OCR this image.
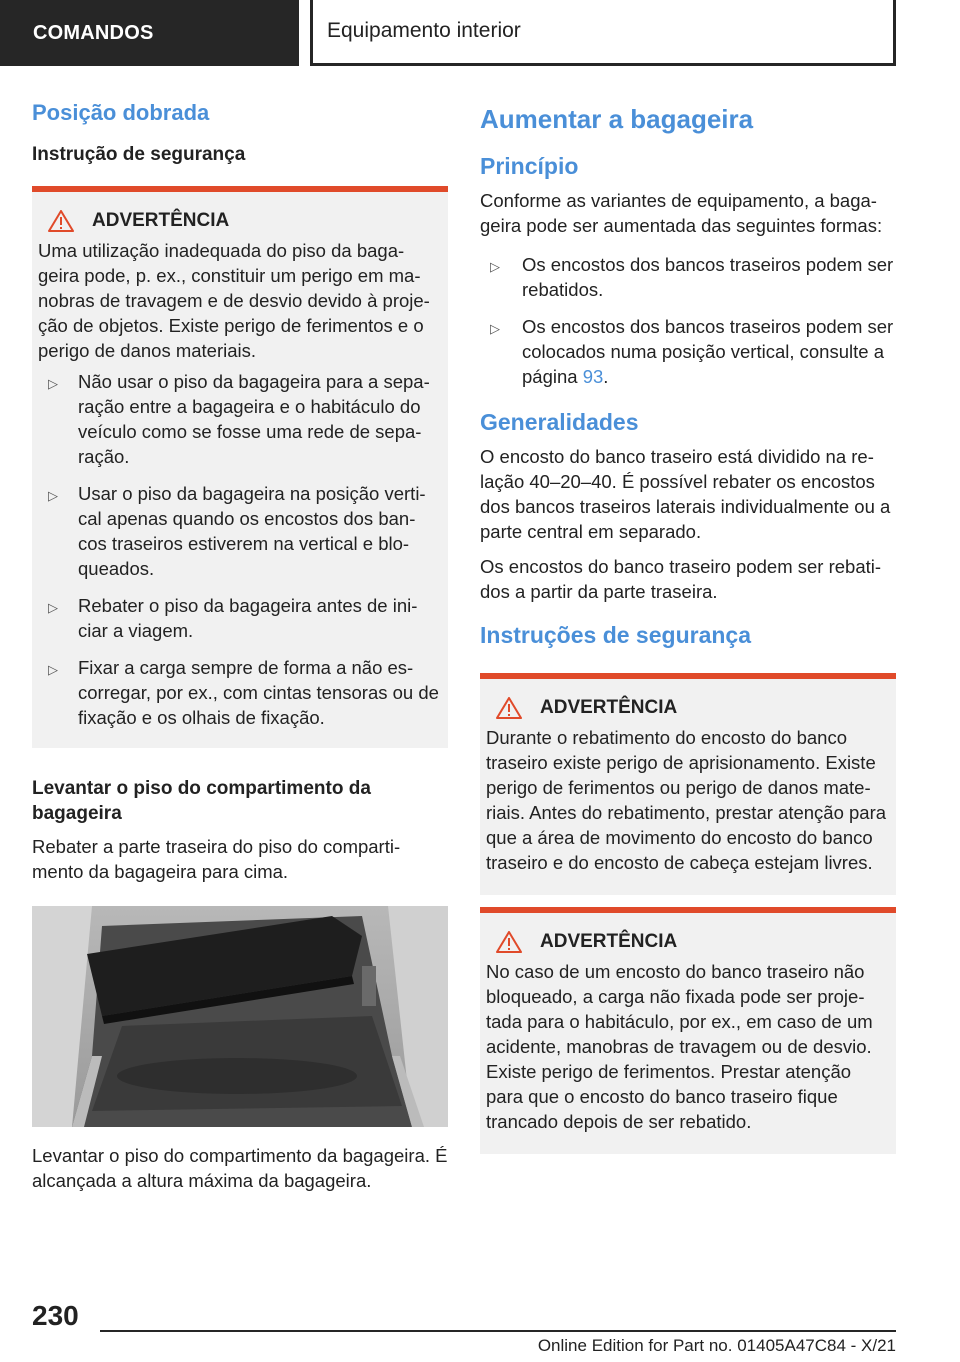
COMANDOS	Equipamento interior
Posição dobrada
Instrução de segurança
ADVERTÊNCIA
Uma utilização inadequada do piso da baga-geira pode, p. ex., constituir um perigo em ma-nobras de travagem e de desvio devido à proje-ção de objetos. Existe perigo de ferimentos e o perigo de danos materiais.
▷ Não usar o piso da bagageira para a sepa-ração entre a bagageira e o habitáculo do veículo como se fosse uma rede de sepa-ração.
▷ Usar o piso da bagageira na posição verti-cal apenas quando os encostos dos ban-cos traseiros estiverem na vertical e blo-queados.
▷ Rebater o piso da bagageira antes de ini-ciar a viagem.
▷ Fixar a carga sempre de forma a não es-corregar, por ex., com cintas tensoras ou de fixação e os olhais de fixação.
Levantar o piso do compartimento da bagageira
Rebater a parte traseira do piso do comparti-mento da bagageira para cima.
Levantar o piso do compartimento da bagageira. É alcançada a altura máxima da bagageira.
Aumentar a bagageira
Princípio
Conforme as variantes de equipamento, a baga-geira pode ser aumentada das seguintes formas:
▷ Os encostos dos bancos traseiros podem ser rebatidos.
▷ Os encostos dos bancos traseiros podem ser colocados numa posição vertical, consulte a página 93.
Generalidades
O encosto do banco traseiro está dividido na re-lação 40–20–40. É possível rebater os encostos dos bancos traseiros laterais individualmente ou a parte central em separado.
Os encostos do banco traseiro podem ser rebati-dos a partir da parte traseira.
Instruções de segurança
ADVERTÊNCIA
Durante o rebatimento do encosto do banco traseiro existe perigo de aprisionamento. Existe perigo de ferimentos ou perigo de danos mate-riais. Antes do rebatimento, prestar atenção para que a área de movimento do encosto do banco traseiro e do encosto de cabeça estejam livres.
ADVERTÊNCIA
No caso de um encosto do banco traseiro não bloqueado, a carga não fixada pode ser proje-tada para o habitáculo, por ex., em caso de um acidente, manobras de travagem ou de desvio. Existe perigo de ferimentos. Prestar atenção para que o encosto do banco traseiro fique trancado depois de ser rebatido.
230
Online Edition for Part no. 01405A47C84 - X/21
